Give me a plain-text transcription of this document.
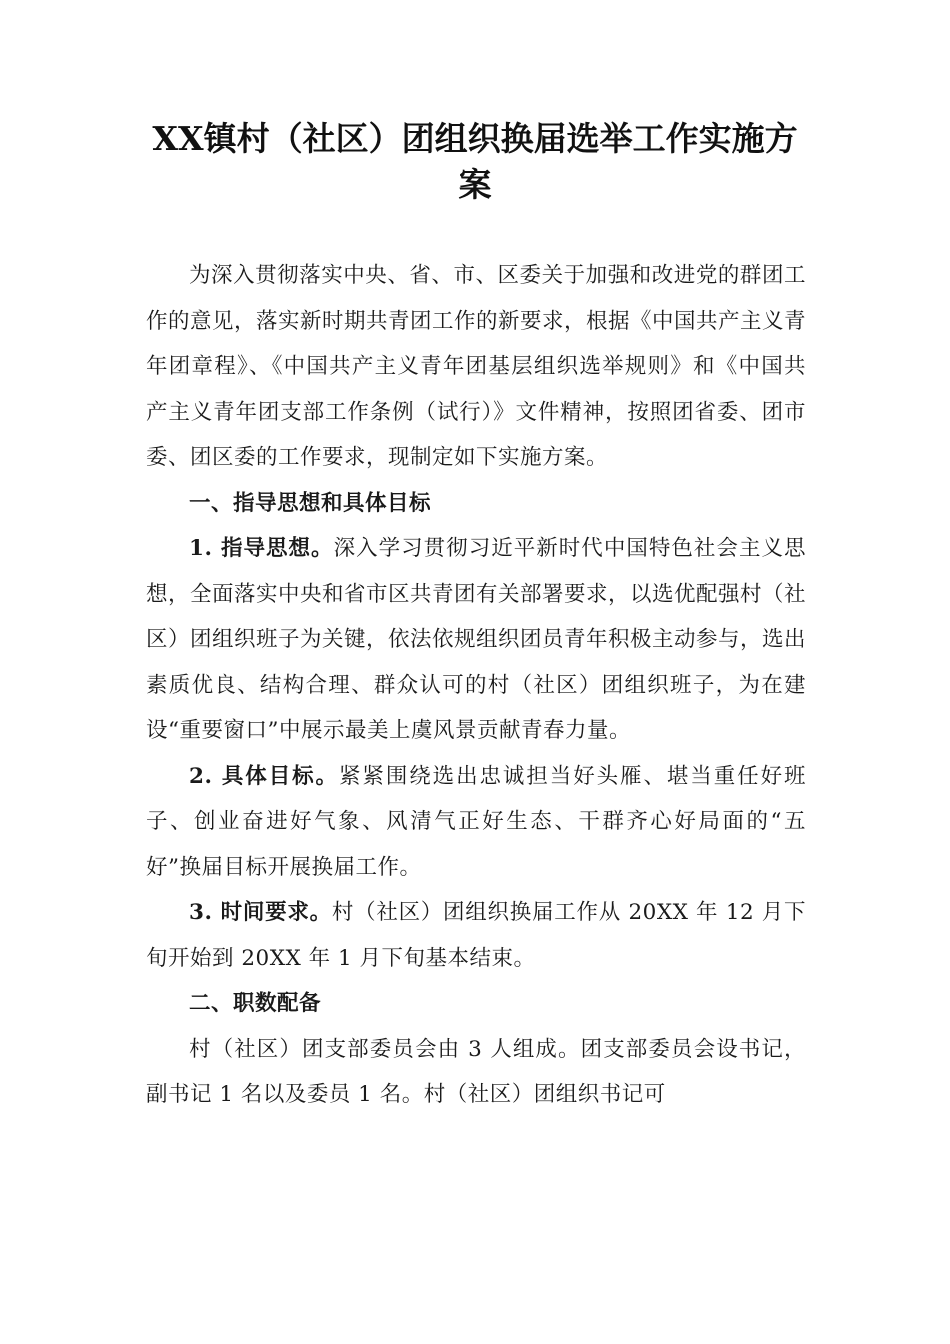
XX镇村（社区）团组织换届选举工作实施方案

为深入贯彻落实中央、省、市、区委关于加强和改进党的群团工作的意见，落实新时期共青团工作的新要求，根据《中国共产主义青年团章程》、《中国共产主义青年团基层组织选举规则》和《中国共产主义青年团支部工作条例（试行）》文件精神，按照团省委、团市委、团区委的工作要求，现制定如下实施方案。

一、指导思想和具体目标

1. 指导思想。深入学习贯彻习近平新时代中国特色社会主义思想，全面落实中央和省市区共青团有关部署要求，以选优配强村（社区）团组织班子为关键，依法依规组织团员青年积极主动参与，选出素质优良、结构合理、群众认可的村（社区）团组织班子，为在建设“重要窗口”中展示最美上虞风景贡献青春力量。

2. 具体目标。紧紧围绕选出忠诚担当好头雁、堪当重任好班子、创业奋进好气象、风清气正好生态、干群齐心好局面的“五好”换届目标开展换届工作。

3. 时间要求。村（社区）团组织换届工作从 20XX 年 12 月下旬开始到 20XX 年 1 月下旬基本结束。

二、职数配备

村（社区）团支部委员会由 3 人组成。团支部委员会设书记，副书记 1 名以及委员 1 名。村（社区）团组织书记可
